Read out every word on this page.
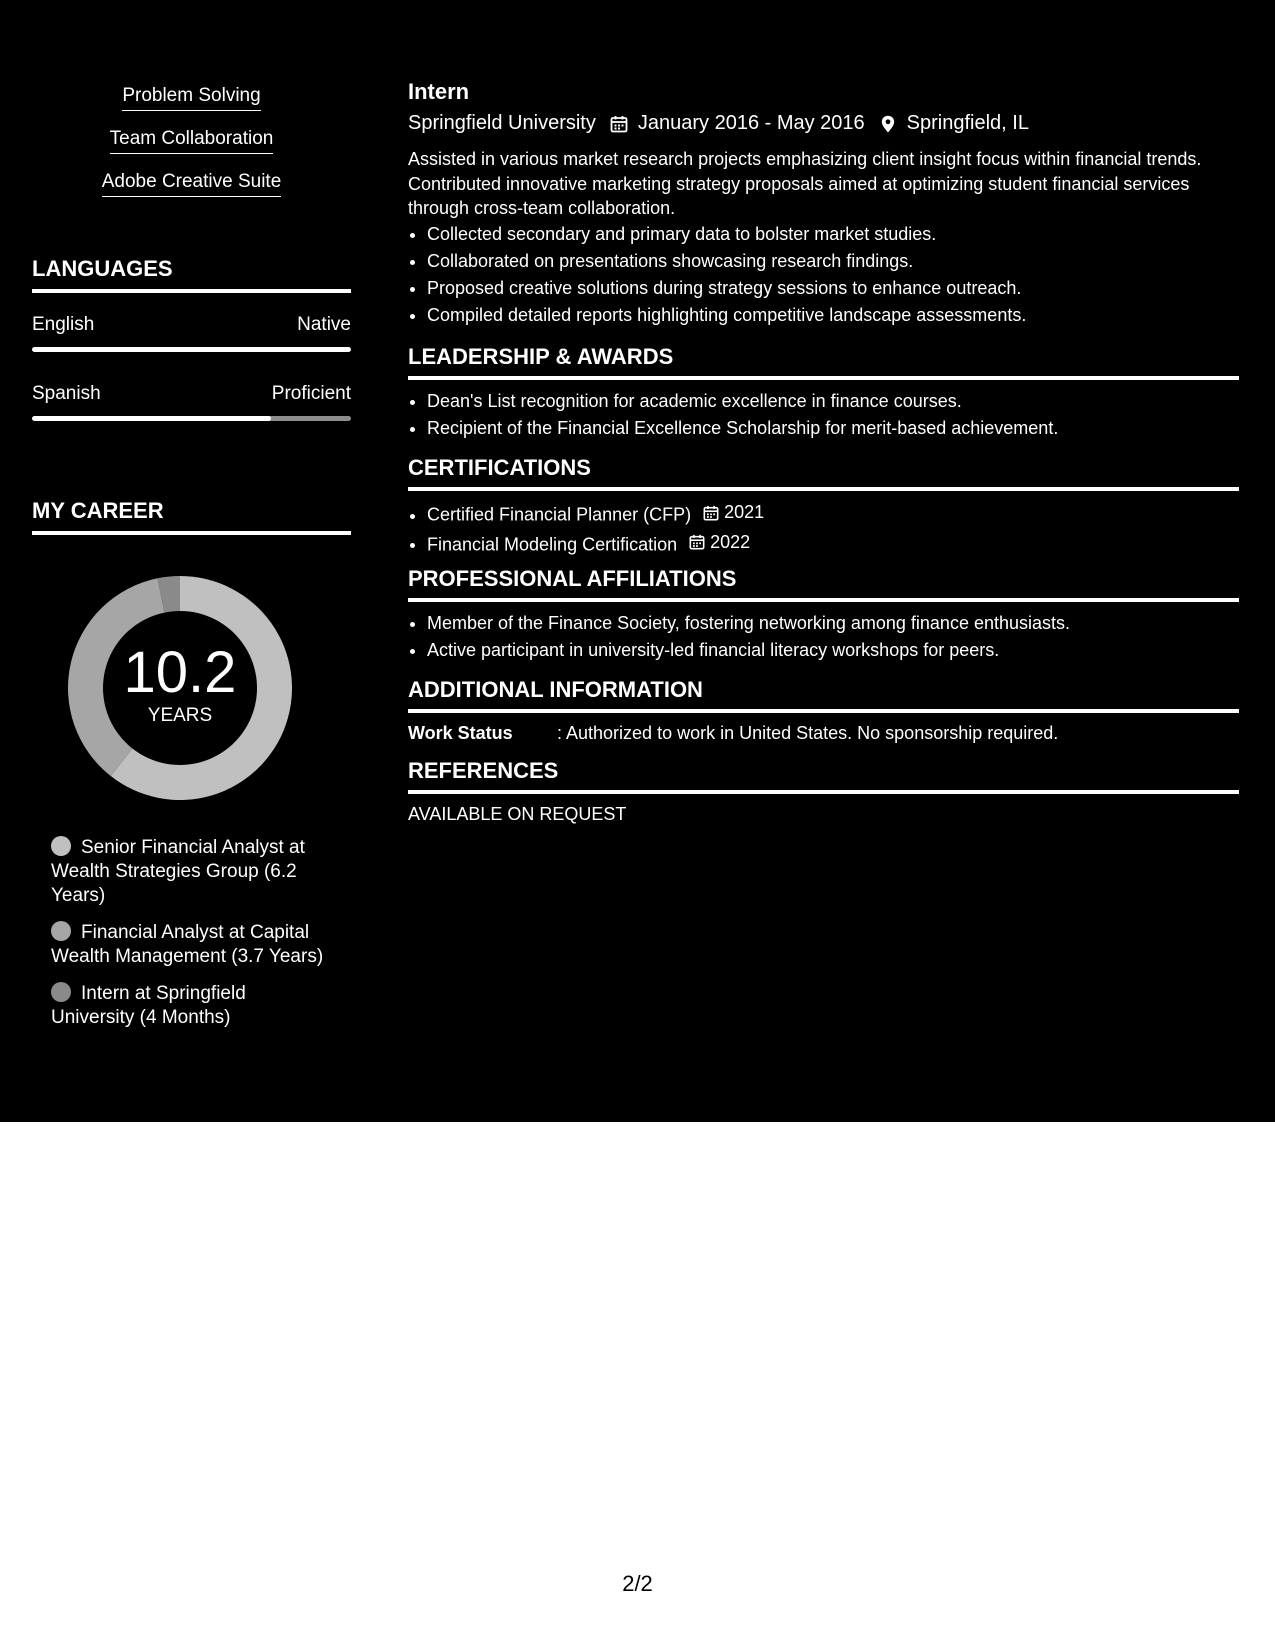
Problem Solving
Team Collaboration
Adobe Creative Suite
LANGUAGES
English	Native
Spanish	Proficient
MY CAREER
10.2
YEARS
Senior Financial Analyst at Wealth Strategies Group (6.2 Years)
Financial Analyst at Capital Wealth Management (3.7 Years)
Intern at Springfield University (4 Months)
Intern
Springfield University January 2016 - May 2016 Springfield, IL
Assisted in various market research projects emphasizing client insight focus within financial trends. Contributed innovative marketing strategy proposals aimed at optimizing student financial services through cross-team collaboration.
• Collected secondary and primary data to bolster market studies.
• Collaborated on presentations showcasing research findings.
• Proposed creative solutions during strategy sessions to enhance outreach.
• Compiled detailed reports highlighting competitive landscape assessments.
LEADERSHIP & AWARDS
• Dean's List recognition for academic excellence in finance courses.
• Recipient of the Financial Excellence Scholarship for merit-based achievement.
CERTIFICATIONS
• Certified Financial Planner (CFP) 2021
• Financial Modeling Certification 2022
PROFESSIONAL AFFILIATIONS
• Member of the Finance Society, fostering networking among finance enthusiasts.
• Active participant in university-led financial literacy workshops for peers.
ADDITIONAL INFORMATION
Work Status	: Authorized to work in United States. No sponsorship required.
REFERENCES
AVAILABLE ON REQUEST
2/2
